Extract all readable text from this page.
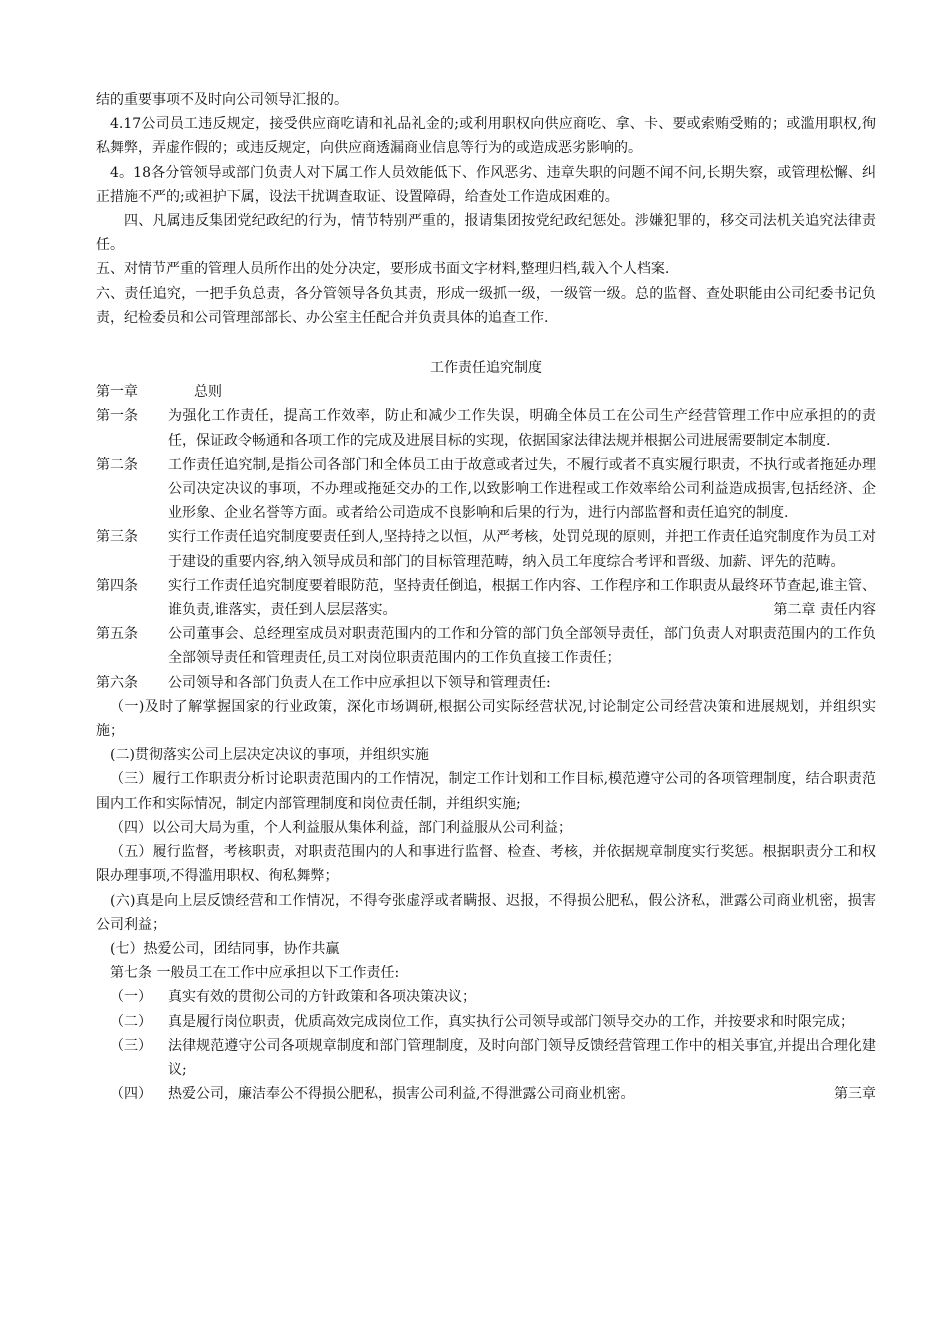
结的重要事项不及时向公司领导汇报的。

4.17公司员工违反规定，接受供应商吃请和礼品礼金的;或利用职权向供应商吃、拿、卡、要或索贿受贿的；或滥用职权,徇私舞弊，弄虚作假的；或违反规定，向供应商透漏商业信息等行为的或造成恶劣影响的。

4。18各分管领导或部门负责人对下属工作人员效能低下、作风恶劣、违章失职的问题不闻不问,长期失察，或管理松懈、纠正措施不严的;或袒护下属，设法干扰调查取证、设置障碍，给查处工作造成困难的。

四、凡属违反集团党纪政纪的行为，情节特别严重的，报请集团按党纪政纪惩处。涉嫌犯罪的，移交司法机关追究法律责任。

五、对情节严重的管理人员所作出的处分决定，要形成书面文字材料,整理归档,载入个人档案.

六、责任追究，一把手负总责，各分管领导各负其责，形成一级抓一级，一级管一级。总的监督、查处职能由公司纪委书记负责，纪检委员和公司管理部部长、办公室主任配合并负责具体的追查工作.

工作责任追究制度

第一章	总则
第一条	为强化工作责任，提高工作效率，防止和减少工作失误，明确全体员工在公司生产经营管理工作中应承担的的责任，保证政令畅通和各项工作的完成及进展目标的实现，依据国家法律法规并根据公司进展需要制定本制度.
第二条	工作责任追究制,是指公司各部门和全体员工由于故意或者过失，不履行或者不真实履行职责，不执行或者拖延办理公司决定决议的事项，不办理或拖延交办的工作,以致影响工作进程或工作效率给公司利益造成损害,包括经济、企业形象、企业名誉等方面。或者给公司造成不良影响和后果的行为，进行内部监督和责任追究的制度.
第三条	实行工作责任追究制度要责任到人,坚持持之以恒，从严考核，处罚兑现的原则，并把工作责任追究制度作为员工对于建设的重要内容,纳入领导成员和部门的目标管理范畴，纳入员工年度综合考评和晋级、加薪、评先的范畴。
第四条	实行工作责任追究制度要着眼防范，坚持责任倒追，根据工作内容、工作程序和工作职责从最终环节查起,谁主管、谁负责,谁落实，责任到人层层落实。	第二章 责任内容
第五条	公司董事会、总经理室成员对职责范围内的工作和分管的部门负全部领导责任，部门负责人对职责范围内的工作负全部领导责任和管理责任,员工对岗位职责范围内的工作负直接工作责任；
第六条	公司领导和各部门负责人在工作中应承担以下领导和管理责任:

（一)及时了解掌握国家的行业政策，深化市场调研,根据公司实际经营状况,讨论制定公司经营决策和进展规划，并组织实施；

(二)贯彻落实公司上层决定决议的事项，并组织实施

（三）履行工作职责分析讨论职责范围内的工作情况，制定工作计划和工作目标,模范遵守公司的各项管理制度，结合职责范围内工作和实际情况，制定内部管理制度和岗位责任制，并组织实施;

（四）以公司大局为重，个人利益服从集体利益，部门利益服从公司利益；

（五）履行监督，考核职责，对职责范围内的人和事进行监督、检查、考核，并依据规章制度实行奖惩。根据职责分工和权限办理事项,不得滥用职权、徇私舞弊；

(六)真是向上层反馈经营和工作情况，不得夸张虚浮或者瞒报、迟报，不得损公肥私，假公济私，泄露公司商业机密，损害公司利益；

(七）热爱公司，团结同事，协作共赢

第七条 一般员工在工作中应承担以下工作责任:

（一）	真实有效的贯彻公司的方针政策和各项决策决议；
（二）	真是履行岗位职责，优质高效完成岗位工作，真实执行公司领导或部门领导交办的工作，并按要求和时限完成；
（三）	法律规范遵守公司各项规章制度和部门管理制度，及时向部门领导反馈经营管理工作中的相关事宜,并提出合理化建议;
（四）	热爱公司，廉洁奉公不得损公肥私，损害公司利益,不得泄露公司商业机密。	第三章
